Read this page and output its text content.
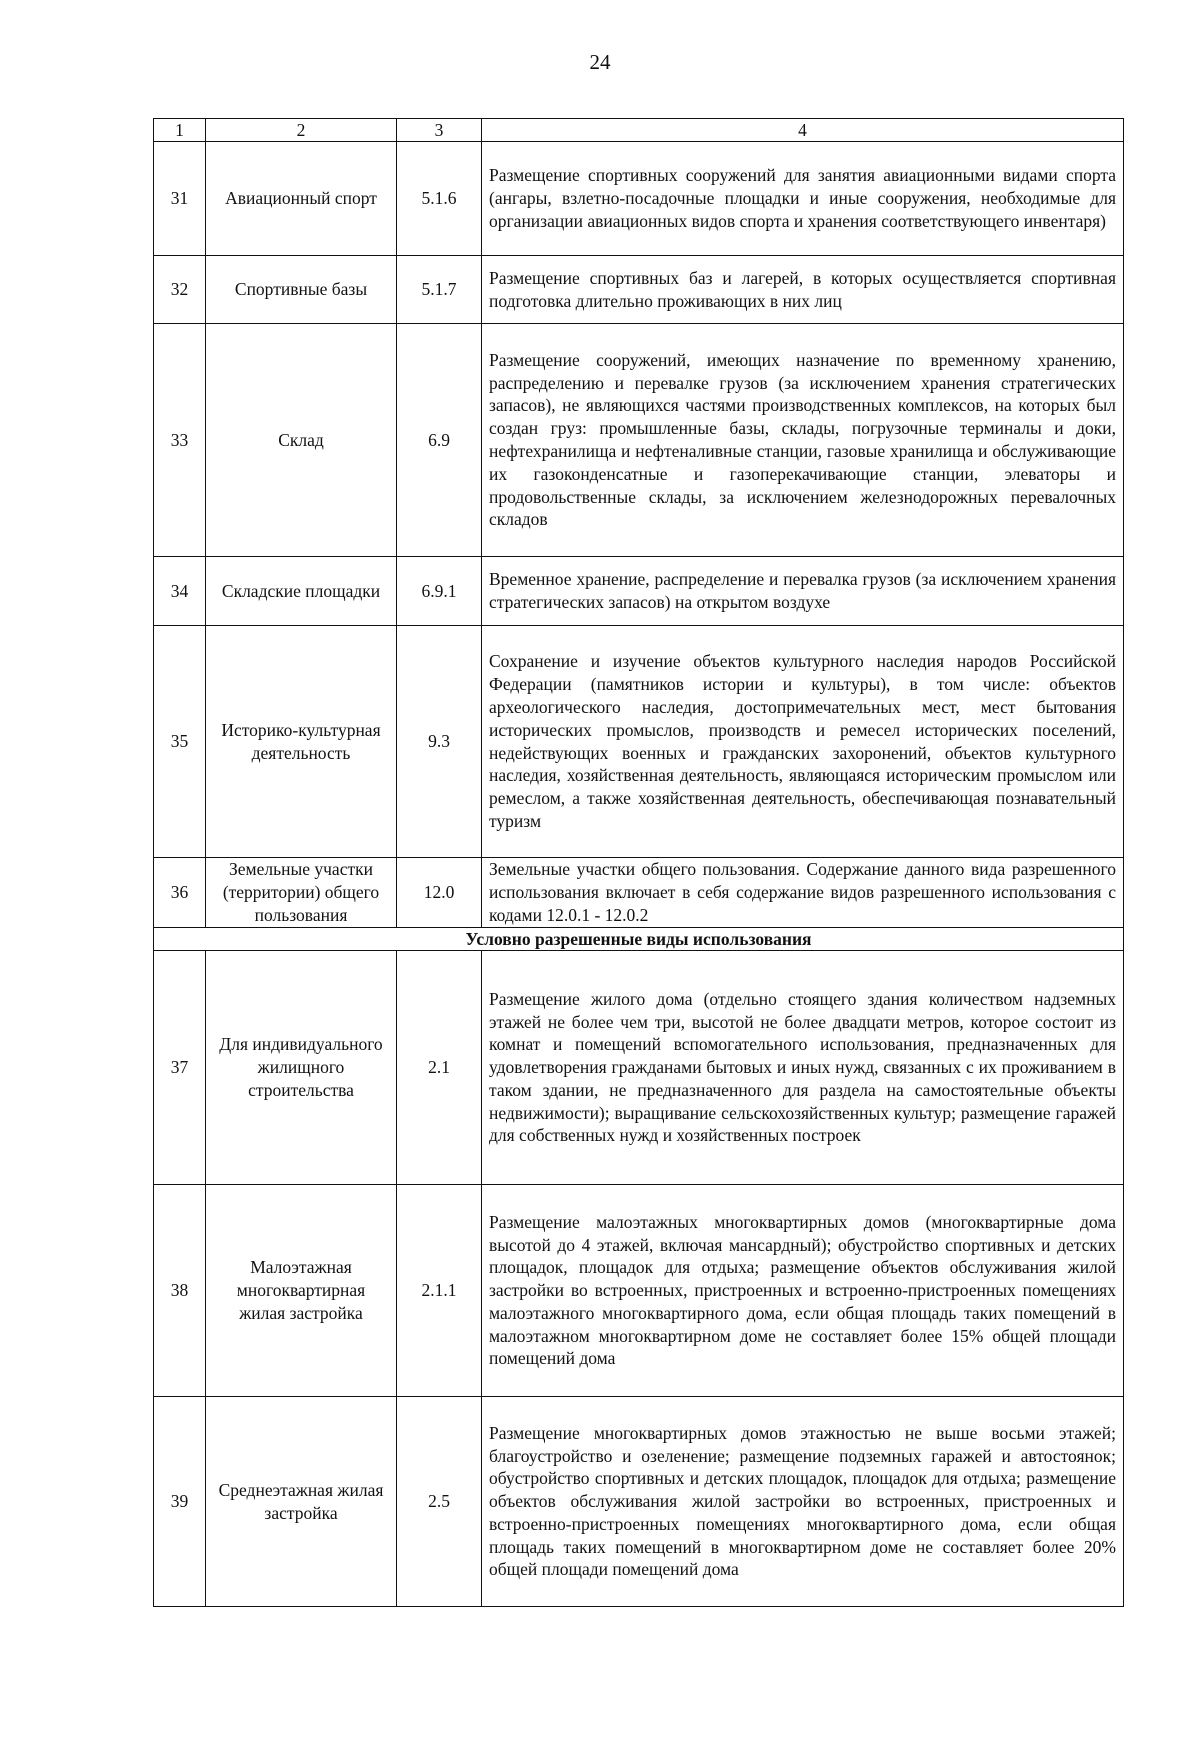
24
1	2	3	4
31	Авиационный спорт	5.1.6	Размещение спортивных сооружений для занятия авиационными видами спорта (ангары, взлетно-посадочные площадки и иные сооружения, необходимые для организации авиационных видов спорта и хранения соответствующего инвентаря)
32	Спортивные базы	5.1.7	Размещение спортивных баз и лагерей, в которых осуществляется спортивная подготовка длительно проживающих в них лиц
33	Склад	6.9	Размещение сооружений, имеющих назначение по временному хранению, распределению и перевалке грузов (за исключением хранения стратегических запасов), не являющихся частями производственных комплексов, на которых был создан груз: промышленные базы, склады, погрузочные терминалы и доки, нефтехранилища и нефтеналивные станции, газовые хранилища и обслуживающие их газоконденсатные и газоперекачивающие станции, элеваторы и продовольственные склады, за исключением железнодорожных перевалочных складов
34	Складские площадки	6.9.1	Временное хранение, распределение и перевалка грузов (за исключением хранения стратегических запасов) на открытом воздухе
35	Историко-культурная деятельность	9.3	Сохранение и изучение объектов культурного наследия народов Российской Федерации (памятников истории и культуры), в том числе: объектов археологического наследия, достопримечательных мест, мест бытования исторических промыслов, производств и ремесел исторических поселений, недействующих военных и гражданских захоронений, объектов культурного наследия, хозяйственная деятельность, являющаяся историческим промыслом или ремеслом, а также хозяйственная деятельность, обеспечивающая познавательный туризм
36	Земельные участки (территории) общего пользования	12.0	Земельные участки общего пользования. Содержание данного вида разрешенного использования включает в себя содержание видов разрешенного использования с кодами 12.0.1 - 12.0.2
Условно разрешенные виды использования			
37	Для индивидуального жилищного строительства	2.1	Размещение жилого дома (отдельно стоящего здания количеством надземных этажей не более чем три, высотой не более двадцати метров, которое состоит из комнат и помещений вспомогательного использования, предназначенных для удовлетворения гражданами бытовых и иных нужд, связанных с их проживанием в таком здании, не предназначенного для раздела на самостоятельные объекты недвижимости); выращивание сельскохозяйственных культур; размещение гаражей для собственных нужд и хозяйственных построек
38	Малоэтажная многоквартирная жилая застройка	2.1.1	Размещение малоэтажных многоквартирных домов (многоквартирные дома высотой до 4 этажей, включая мансардный); обустройство спортивных и детских площадок, площадок для отдыха; размещение объектов обслуживания жилой застройки во встроенных, пристроенных и встроенно-пристроенных помещениях малоэтажного многоквартирного дома, если общая площадь таких помещений в малоэтажном многоквартирном доме не составляет более 15% общей площади помещений дома
39	Среднеэтажная жилая застройка	2.5	Размещение многоквартирных домов этажностью не выше восьми этажей; благоустройство и озеленение; размещение подземных гаражей и автостоянок; обустройство спортивных и детских площадок, площадок для отдыха; размещение объектов обслуживания жилой застройки во встроенных, пристроенных и встроенно-пристроенных помещениях многоквартирного дома, если общая площадь таких помещений в многоквартирном доме не составляет более 20% общей площади помещений дома
